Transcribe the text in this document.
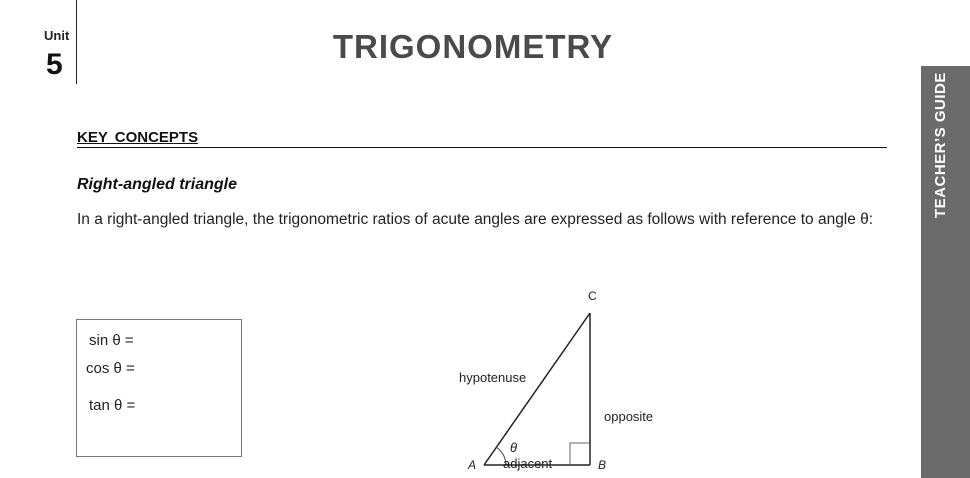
Unit
5	TRIGONOMETRY
TEACHER’S GUIDE
KEY CONCEPTS
Right-angled triangle
In a right-angled triangle, the trigonometric ratios of acute angles are expressed as follows with reference to angle θ:
sin θ =
cos θ =
tan θ =
C
A	B
θ
hypotenuse
opposite
adjacent
